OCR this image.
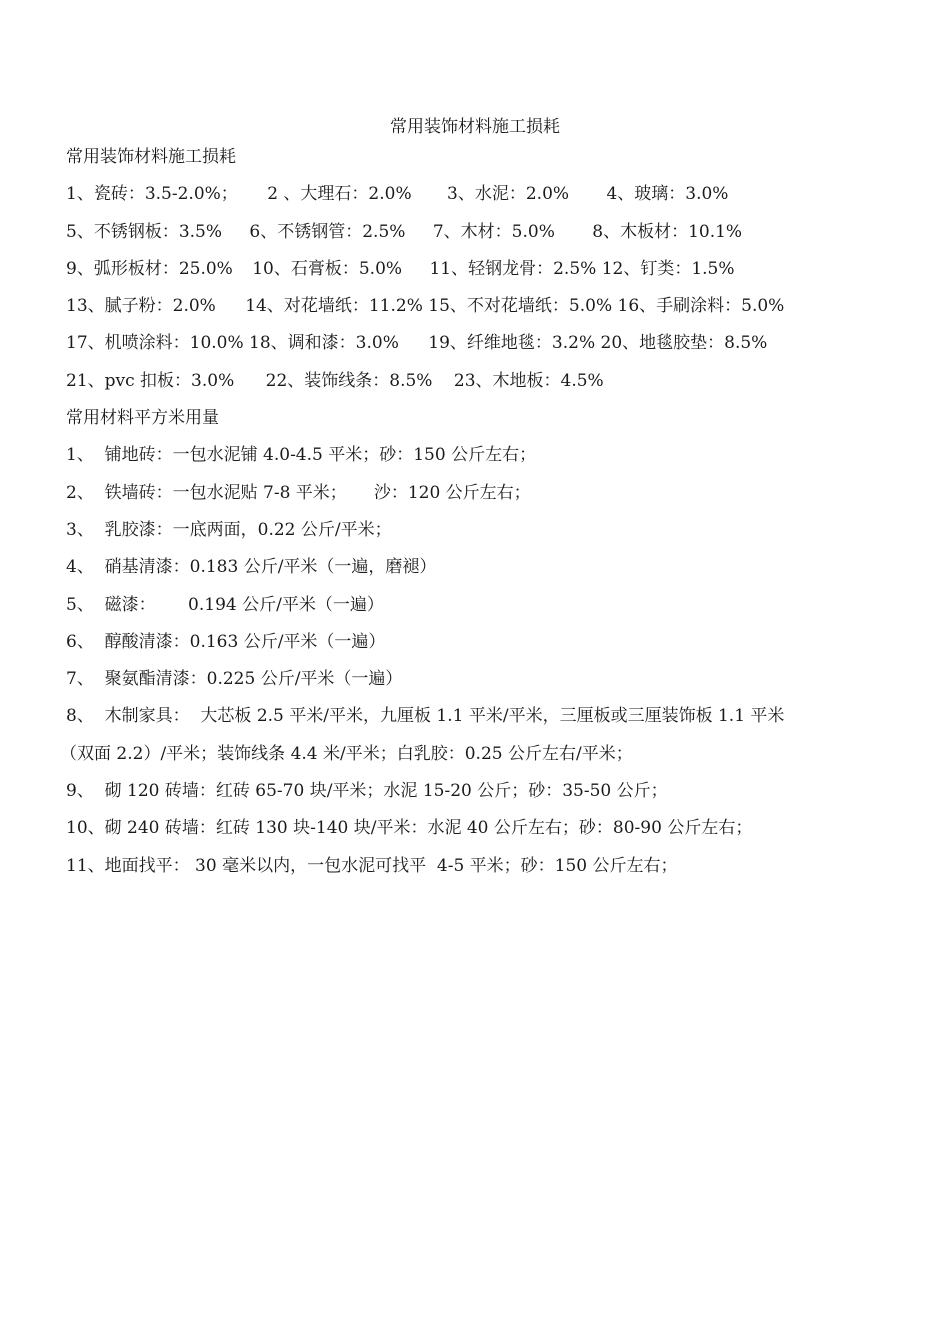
常用装饰材料施工损耗
常用装饰材料施工损耗
1、瓷砖：3.5-2.0%； 2 、大理石：2.0% 3、水泥：2.0% 4、玻璃：3.0%
5、不锈钢板：3.5% 6、不锈钢管：2.5% 7、木材：5.0% 8、木板材：10.1%
9、弧形板材：25.0% 10、石膏板：5.0% 11、轻钢龙骨：2.5% 12、钉类：1.5%
13、腻子粉：2.0% 14、对花墙纸：11.2% 15、不对花墙纸：5.0% 16、手刷涂料：5.0%
17、机喷涂料：10.0% 18、调和漆：3.0% 19、纤维地毯：3.2% 20、地毯胶垫：8.5%
21、pvc 扣板：3.0% 22、装饰线条：8.5% 23、木地板：4.5%
常用材料平方米用量
1、  铺地砖：一包水泥铺 4.0-4.5 平米；砂：150 公斤左右；
2、  铁墙砖：一包水泥贴 7-8 平米；     沙：120 公斤左右；
3、  乳胶漆：一底两面，0.22 公斤/平米；
4、  硝基清漆：0.183 公斤/平米（一遍，磨褪）
5、  磁漆：      0.194 公斤/平米（一遍）
6、  醇酸清漆：0.163 公斤/平米（一遍）
7、  聚氨酯清漆：0.225 公斤/平米（一遍）
8、  木制家具：  大芯板 2.5 平米/平米，九厘板 1.1 平米/平米，三厘板或三厘装饰板 1.1 平米
（双面 2.2）/平米；装饰线条 4.4 米/平米；白乳胶：0.25 公斤左右/平米；
9、  砌 120 砖墙：红砖 65-70 块/平米；水泥 15-20 公斤；砂：35-50 公斤；
10、砌 240 砖墙：红砖 130 块-140 块/平米：水泥 40 公斤左右；砂：80-90 公斤左右；
11、地面找平： 30 毫米以内，一包水泥可找平  4-5 平米；砂：150 公斤左右；
